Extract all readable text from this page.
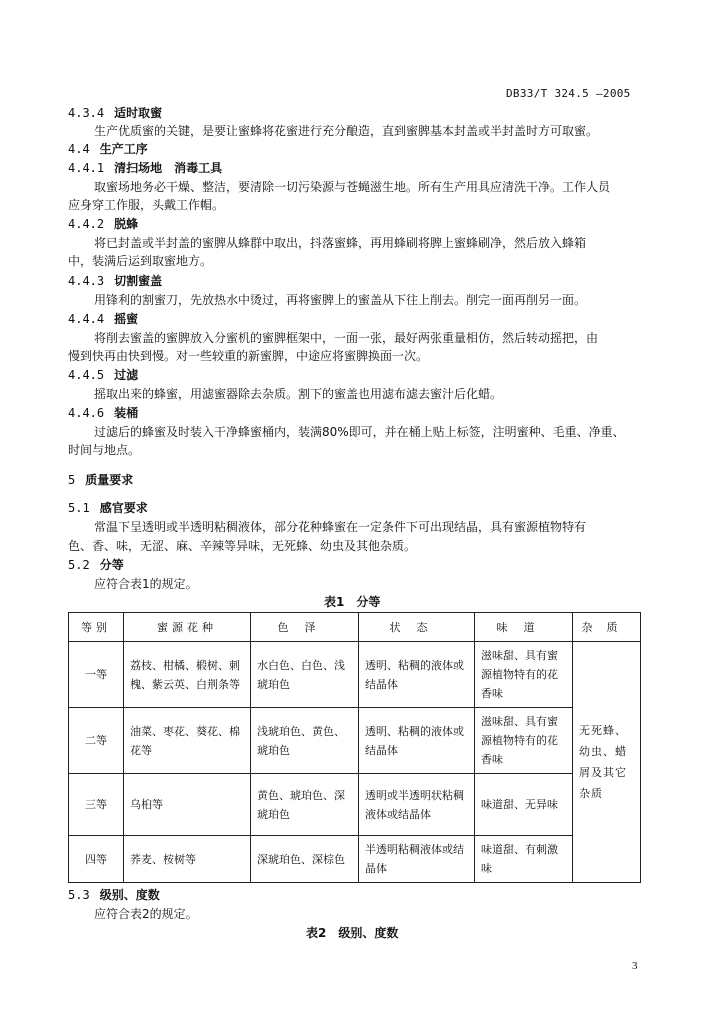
DB33/T 324.5 —2005
4.3.4 适时取蜜
生产优质蜜的关键，是要让蜜蜂将花蜜进行充分酿造，直到蜜脾基本封盖或半封盖时方可取蜜。
4.4 生产工序
4.4.1 清扫场地　消毒工具
取蜜场地务必干燥、整洁，要清除一切污染源与苍蝇滋生地。所有生产用具应清洗干净。工作人员
应身穿工作服，头戴工作帽。
4.4.2 脱蜂
将已封盖或半封盖的蜜脾从蜂群中取出，抖落蜜蜂，再用蜂刷将脾上蜜蜂刷净，然后放入蜂箱
中，装满后运到取蜜地方。
4.4.3 切割蜜盖
用锋利的割蜜刀，先放热水中烫过，再将蜜脾上的蜜盖从下往上削去。削完一面再削另一面。
4.4.4 摇蜜
将削去蜜盖的蜜脾放入分蜜机的蜜脾框架中，一面一张，最好两张重量相仿，然后转动摇把，由
慢到快再由快到慢。对一些较重的新蜜脾，中途应将蜜脾换面一次。
4.4.5 过滤
摇取出来的蜂蜜，用滤蜜器除去杂质。割下的蜜盖也用滤布滤去蜜汁后化蜡。
4.4.6 装桶
过滤后的蜂蜜及时装入干净蜂蜜桶内，装满80%即可，并在桶上贴上标签，注明蜜种、毛重、净重、
时间与地点。
5 质量要求
5.1 感官要求
常温下呈透明或半透明粘稠液体，部分花种蜂蜜在一定条件下可出现结晶，具有蜜源植物特有
色、香、味，无涩、麻、辛辣等异味，无死蜂、幼虫及其他杂质。
5.2 分等
应符合表1的规定。
表1　分等
等别	蜜源花种	色泽	状态	味道	杂质
一等	荔枝、柑橘、椴树、刺槐、紫云英、白荆条等	水白色、白色、浅琥珀色	透明、粘稠的液体或结晶体	滋味甜、具有蜜源植物特有的花香味	无死蜂、幼虫、蜡屑及其它杂质
二等	油菜、枣花、葵花、棉花等	浅琥珀色、黄色、琥珀色	透明、粘稠的液体或结晶体	滋味甜、具有蜜源植物特有的花香味	
三等	乌桕等	黄色、琥珀色、深琥珀色	透明或半透明状粘稠液体或结晶体	味道甜、无异味	
四等	荞麦、桉树等	深琥珀色、深棕色	半透明粘稠液体或结晶体	味道甜、有刺激味	
5.3 级别、度数
应符合表2的规定。
表2　级别、度数
3
